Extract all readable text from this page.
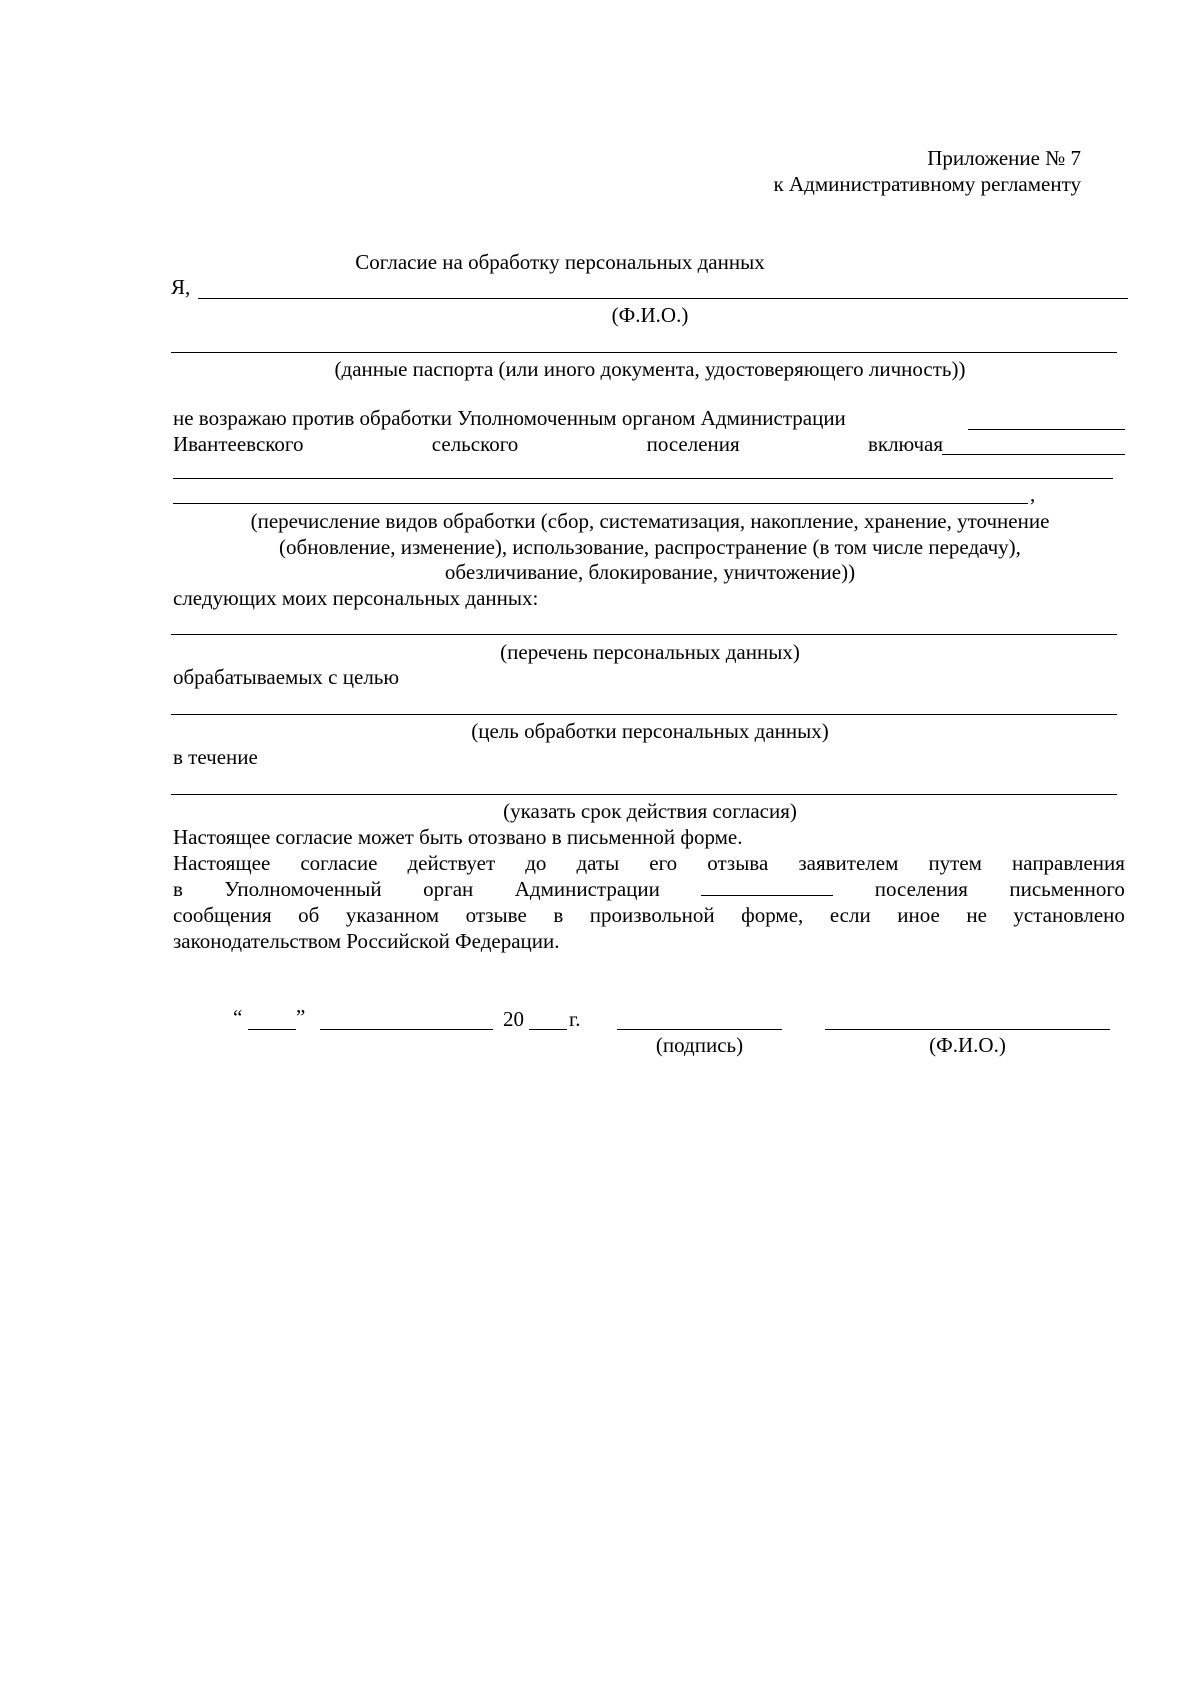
Приложение № 7
к Административному регламенту
Согласие на обработку персональных данных
Я,
(Ф.И.О.)
(данные паспорта (или иного документа, удостоверяющего личность))
не возражаю против обработки Уполномоченным органом Администрации
Ивантеевского	сельского	поселения	включая
,
(перечисление видов обработки (сбор, систематизация, накопление, хранение, уточнение
(обновление, изменение), использование, распространение (в том числе передачу),
обезличивание, блокирование, уничтожение))
следующих моих персональных данных:
(перечень персональных данных)
обрабатываемых с целью
(цель обработки персональных данных)
в течение
(указать срок действия согласия)
Настоящее согласие может быть отозвано в письменной форме.
Настоящее согласие действует до даты его отзыва заявителем путем направления
в Уполномоченный орган Администрации	поселения письменного
сообщения об указанном отзыве в произвольной форме, если иное не установлено
законодательством Российской Федерации.
“	”	20 г.
(подпись)	(Ф.И.О.)
